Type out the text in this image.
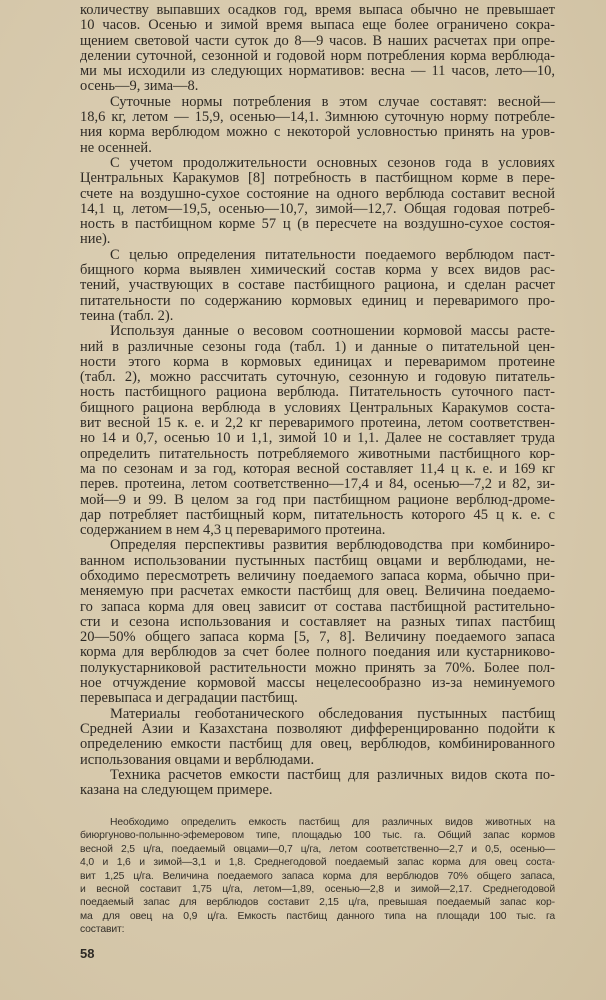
количеству выпавших осадков год, время выпаса обычно не превышает
10 часов. Осенью и зимой время выпаса еще более ограничено сокра-
щением световой части суток до 8—9 часов. В наших расчетах при опре-
делении суточной, сезонной и годовой норм потребления корма верблюда-
ми мы исходили из следующих нормативов: весна — 11 часов, лето—10,
осень—9, зима—8.
Суточные нормы потребления в этом случае составят: весной—
18,6 кг, летом — 15,9, осенью—14,1. Зимнюю суточную норму потребле-
ния корма верблюдом можно с некоторой условностью принять на уров-
не осенней.
С учетом продолжительности основных сезонов года в условиях
Центральных Каракумов [8] потребность в пастбищном корме в пере-
счете на воздушно-сухое состояние на одного верблюда составит весной
14,1 ц, летом—19,5, осенью—10,7, зимой—12,7. Общая годовая потреб-
ность в пастбищном корме 57 ц (в пересчете на воздушно-сухое состоя-
ние).
С целью определения питательности поедаемого верблюдом паст-
бищного корма выявлен химический состав корма у всех видов рас-
тений, участвующих в составе пастбищного рациона, и сделан расчет
питательности по содержанию кормовых единиц и переваримого про-
теина (табл. 2).
Используя данные о весовом соотношении кормовой массы расте-
ний в различные сезоны года (табл. 1) и данные о питательной цен-
ности этого корма в кормовых единицах и переваримом протеине
(табл. 2), можно рассчитать суточную, сезонную и годовую питатель-
ность пастбищного рациона верблюда. Питательность суточного паст-
бищного рациона верблюда в условиях Центральных Каракумов соста-
вит весной 15 к. е. и 2,2 кг переваримого протеина, летом соответствен-
но 14 и 0,7, осенью 10 и 1,1, зимой 10 и 1,1. Далее не составляет труда
определить питательность потребляемого животными пастбищного кор-
ма по сезонам и за год, которая весной составляет 11,4 ц к. е. и 169 кг
перев. протеина, летом соответственно—17,4 и 84, осенью—7,2 и 82, зи-
мой—9 и 99. В целом за год при пастбищном рационе верблюд-дроме-
дар потребляет пастбищный корм, питательность которого 45 ц к. е. с
содержанием в нем 4,3 ц переваримого протеина.
Определяя перспективы развития верблюдоводства при комбиниро-
ванном использовании пустынных пастбищ овцами и верблюдами, не-
обходимо пересмотреть величину поедаемого запаса корма, обычно при-
меняемую при расчетах емкости пастбищ для овец. Величина поедаемо-
го запаса корма для овец зависит от состава пастбищной растительно-
сти и сезона использования и составляет на разных типах пастбищ
20—50% общего запаса корма [5, 7, 8]. Величину поедаемого запаса
корма для верблюдов за счет более полного поедания или кустарниково-
полукустарниковой растительности можно принять за 70%. Более пол-
ное отчуждение кормовой массы нецелесообразно из-за неминуемого
перевыпаса и деградации пастбищ.
Материалы геоботанического обследования пустынных пастбищ
Средней Азии и Казахстана позволяют дифференцированно подойти к
определению емкости пастбищ для овец, верблюдов, комбинированного
использования овцами и верблюдами.
Техника расчетов емкости пастбищ для различных видов скота по-
казана на следующем примере.
Необходимо определить емкость пастбищ для различных видов животных на
биюргуново-полынно-эфемеровом типе, площадью 100 тыс. га. Общий запас кормов
весной 2,5 ц/га, поедаемый овцами—0,7 ц/га, летом соответственно—2,7 и 0,5, осенью—
4,0 и 1,6 и зимой—3,1 и 1,8. Среднегодовой поедаемый запас корма для овец соста-
вит 1,25 ц/га. Величина поедаемого запаса корма для верблюдов 70% общего запаса,
и весной составит 1,75 ц/га, летом—1,89, осенью—2,8 и зимой—2,17. Среднегодовой
поедаемый запас для верблюдов составит 2,15 ц/га, превышая поедаемый запас кор-
ма для овец на 0,9 ц/га. Емкость пастбищ данного типа на площади 100 тыс. га
составит:
58
